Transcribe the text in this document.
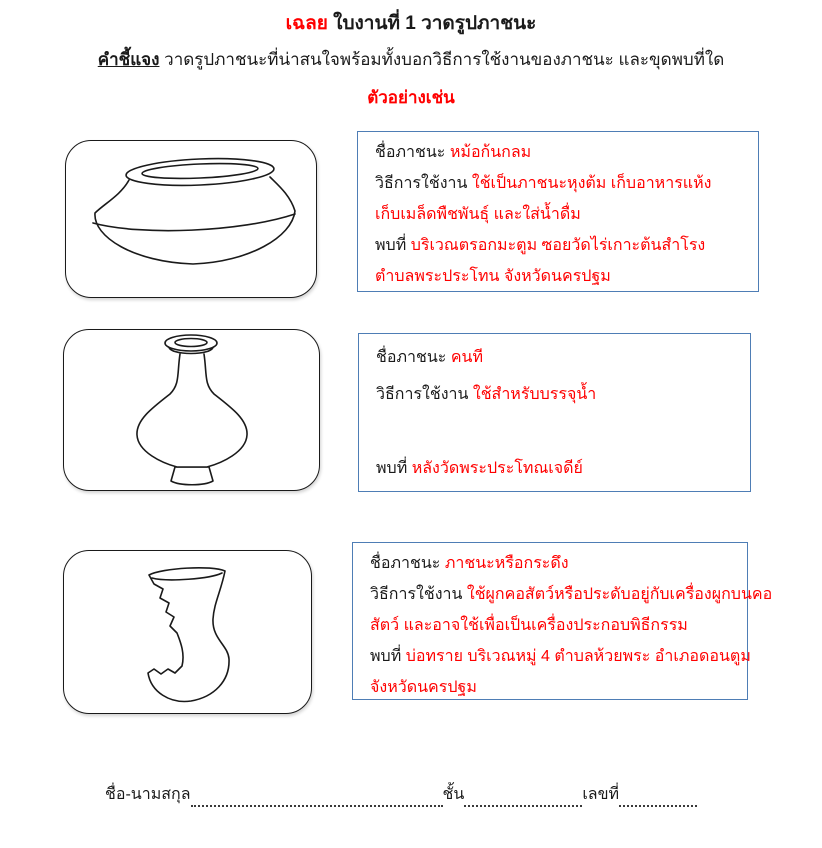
เฉลย ใบงานที่ 1 วาดรูปภาชนะ
คำชี้แจง วาดรูปภาชนะที่น่าสนใจพร้อมทั้งบอกวิธีการใช้งานของภาชนะ และขุดพบที่ใด
ตัวอย่างเช่น
ชื่อภาชนะ หม้อก้นกลม
วิธีการใช้งาน ใช้เป็นภาชนะหุงต้ม เก็บอาหารแห้ง
เก็บเมล็ดพืชพันธุ์ และใส่น้ำดื่ม
พบที่ บริเวณตรอกมะตูม ซอยวัดไร่เกาะต้นสำโรง
ตำบลพระประโทน จังหวัดนครปฐม
ชื่อภาชนะ คนที
วิธีการใช้งาน ใช้สำหรับบรรจุน้ำ

พบที่ หลังวัดพระประโทณเจดีย์
ชื่อภาชนะ ภาชนะหรือกระดึง
วิธีการใช้งาน ใช้ผูกคอสัตว์หรือประดับอยู่กับเครื่องผูกบนคอ
สัตว์ และอาจใช้เพื่อเป็นเครื่องประกอบพิธีกรรม
พบที่ บ่อทราย บริเวณหมู่ 4 ตำบลห้วยพระ อำเภอดอนตูม
จังหวัดนครปฐม
ชื่อ-นามสกุล	ชั้น	เลขที่
